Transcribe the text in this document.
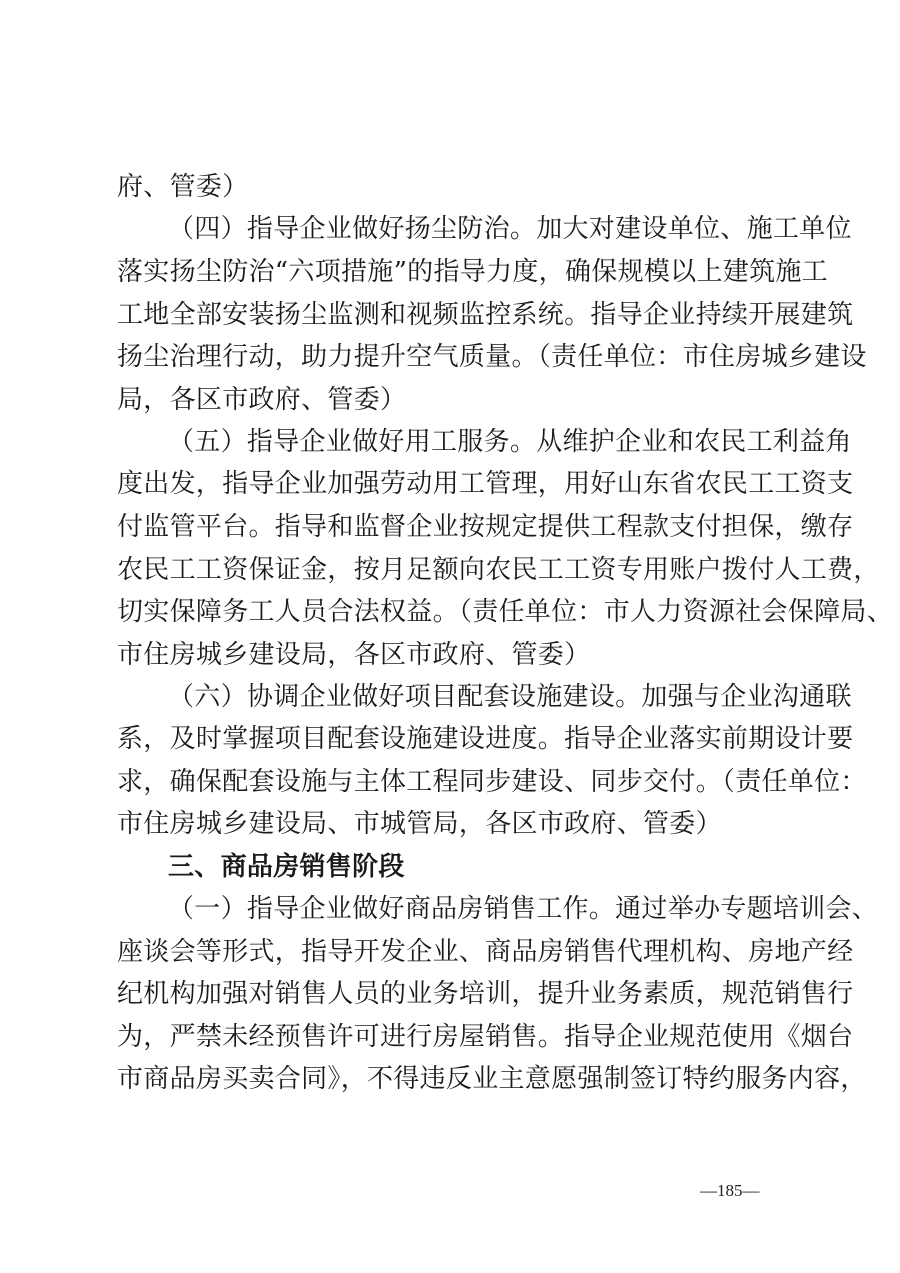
府、管委）
（四）指导企业做好扬尘防治。加大对建设单位、施工单位
落实扬尘防治“六项措施”的指导力度，确保规模以上建筑施工
工地全部安装扬尘监测和视频监控系统。指导企业持续开展建筑
扬尘治理行动，助力提升空气质量。（责任单位：市住房城乡建设
局，各区市政府、管委）
（五）指导企业做好用工服务。从维护企业和农民工利益角
度出发，指导企业加强劳动用工管理，用好山东省农民工工资支
付监管平台。指导和监督企业按规定提供工程款支付担保，缴存
农民工工资保证金，按月足额向农民工工资专用账户拨付人工费，
切实保障务工人员合法权益。（责任单位：市人力资源社会保障局、
市住房城乡建设局，各区市政府、管委）
（六）协调企业做好项目配套设施建设。加强与企业沟通联
系，及时掌握项目配套设施建设进度。指导企业落实前期设计要
求，确保配套设施与主体工程同步建设、同步交付。（责任单位：
市住房城乡建设局、市城管局，各区市政府、管委）
三、商品房销售阶段
（一）指导企业做好商品房销售工作。通过举办专题培训会、
座谈会等形式，指导开发企业、商品房销售代理机构、房地产经
纪机构加强对销售人员的业务培训，提升业务素质，规范销售行
为，严禁未经预售许可进行房屋销售。指导企业规范使用《烟台
市商品房买卖合同》，不得违反业主意愿强制签订特约服务内容，
—185—
